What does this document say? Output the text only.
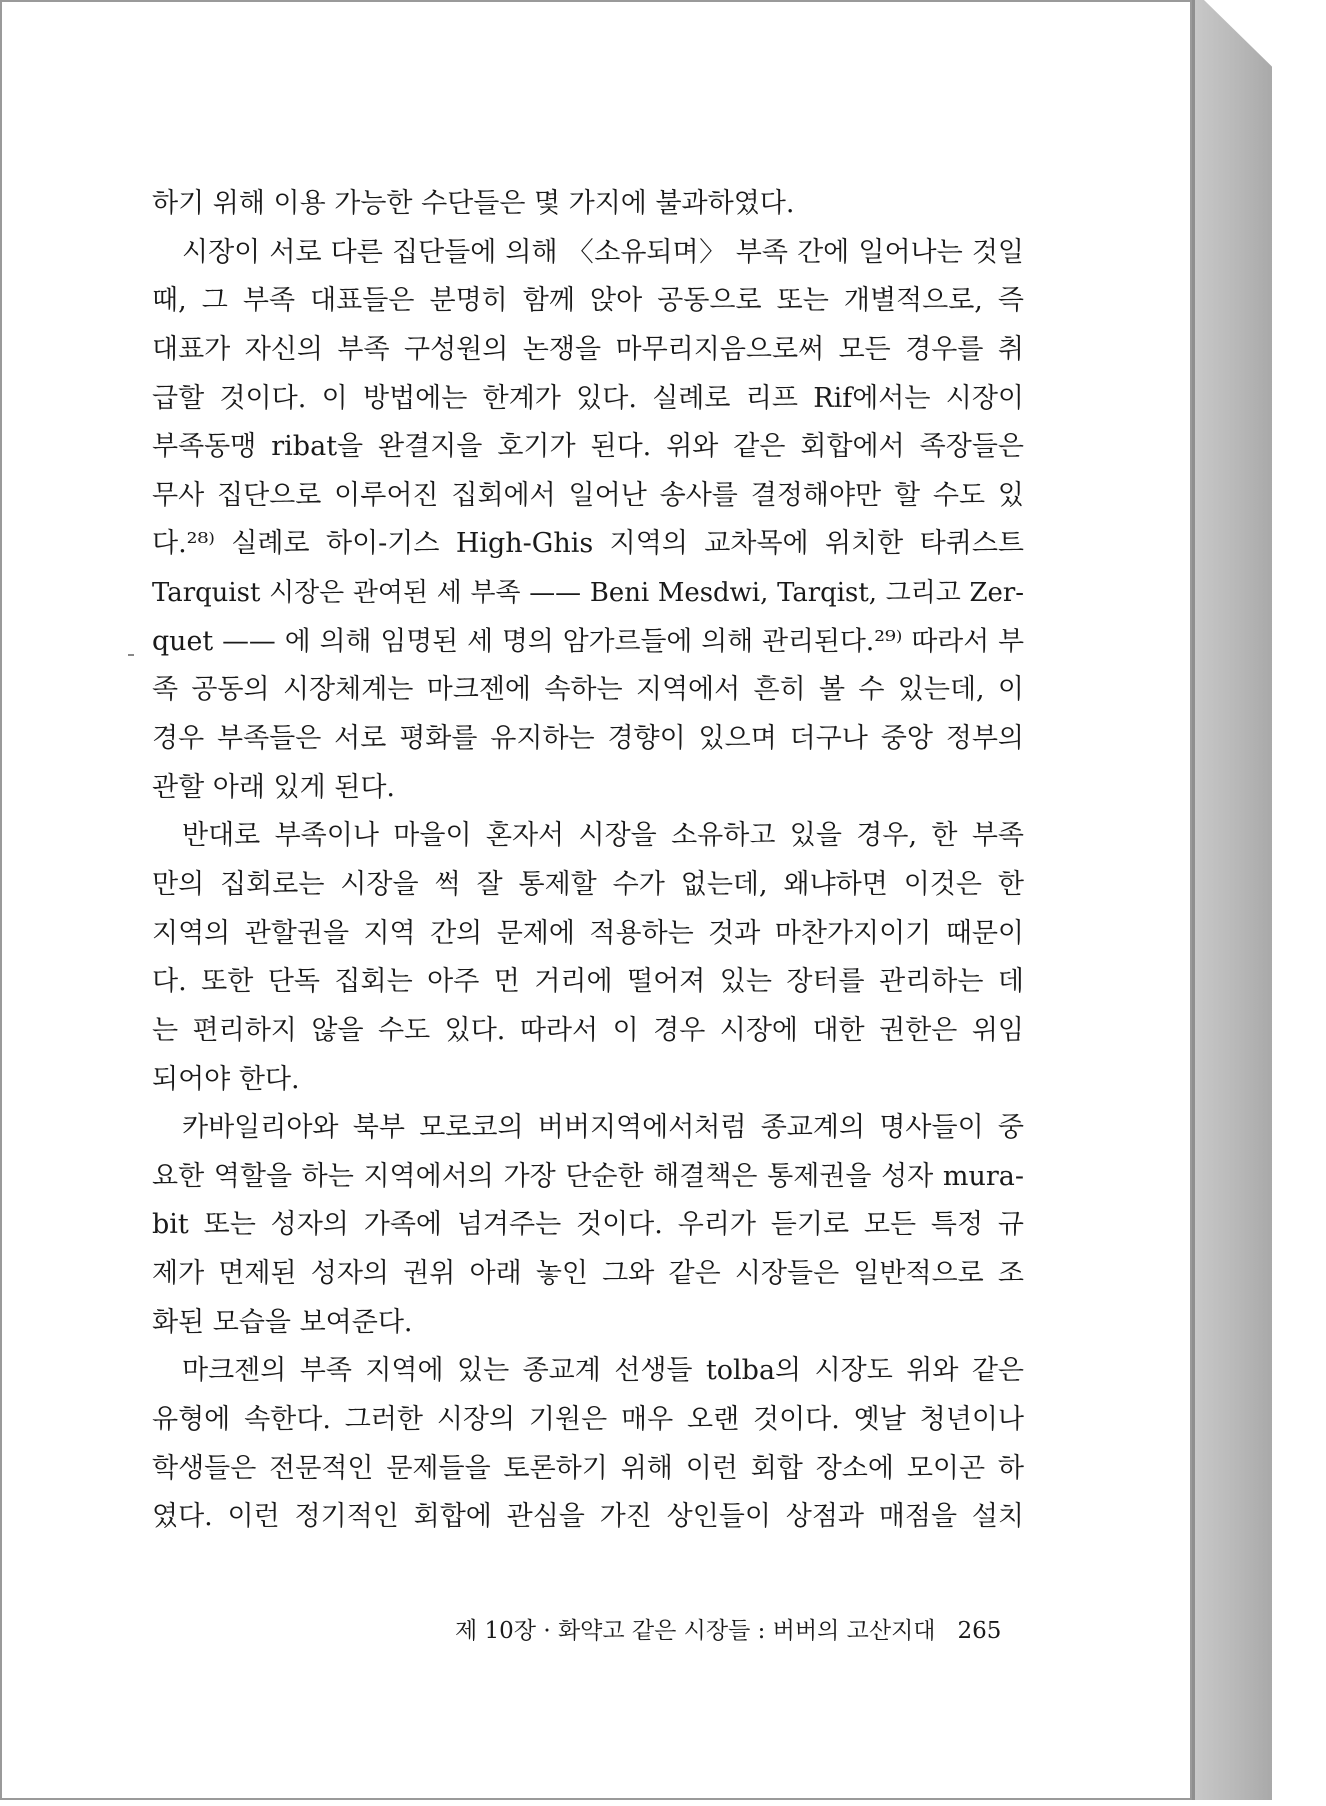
하기 위해 이용 가능한 수단들은 몇 가지에 불과하였다.
시장이 서로 다른 집단들에 의해 〈소유되며〉 부족 간에 일어나는 것일
때, 그 부족 대표들은 분명히 함께 앉아 공동으로 또는 개별적으로, 즉
대표가 자신의 부족 구성원의 논쟁을 마무리지음으로써 모든 경우를 취
급할 것이다. 이 방법에는 한계가 있다. 실례로 리프 Rif에서는 시장이
부족동맹 ribat을 완결지을 호기가 된다. 위와 같은 회합에서 족장들은
무사 집단으로 이루어진 집회에서 일어난 송사를 결정해야만 할 수도 있
다.²⁸⁾ 실례로 하이-기스 High-Ghis 지역의 교차목에 위치한 타퀴스트
Tarquist 시장은 관여된 세 부족 —— Beni Mesdwi, Tarqist, 그리고 Zer-
quet —— 에 의해 임명된 세 명의 암가르들에 의해 관리된다.²⁹⁾ 따라서 부
족 공동의 시장체계는 마크젠에 속하는 지역에서 흔히 볼 수 있는데, 이
경우 부족들은 서로 평화를 유지하는 경향이 있으며 더구나 중앙 정부의
관할 아래 있게 된다.
반대로 부족이나 마을이 혼자서 시장을 소유하고 있을 경우, 한 부족
만의 집회로는 시장을 썩 잘 통제할 수가 없는데, 왜냐하면 이것은 한
지역의 관할권을 지역 간의 문제에 적용하는 것과 마찬가지이기 때문이
다. 또한 단독 집회는 아주 먼 거리에 떨어져 있는 장터를 관리하는 데
는 편리하지 않을 수도 있다. 따라서 이 경우 시장에 대한 권한은 위임
되어야 한다.
카바일리아와 북부 모로코의 버버지역에서처럼 종교계의 명사들이 중
요한 역할을 하는 지역에서의 가장 단순한 해결책은 통제권을 성자 mura-
bit 또는 성자의 가족에 넘겨주는 것이다. 우리가 듣기로 모든 특정 규
제가 면제된 성자의 권위 아래 놓인 그와 같은 시장들은 일반적으로 조
화된 모습을 보여준다.
마크젠의 부족 지역에 있는 종교계 선생들 tolba의 시장도 위와 같은
유형에 속한다. 그러한 시장의 기원은 매우 오랜 것이다. 옛날 청년이나
학생들은 전문적인 문제들을 토론하기 위해 이런 회합 장소에 모이곤 하
였다. 이런 정기적인 회합에 관심을 가진 상인들이 상점과 매점을 설치
제 10장 · 화약고 같은 시장들 : 버버의 고산지대 265
